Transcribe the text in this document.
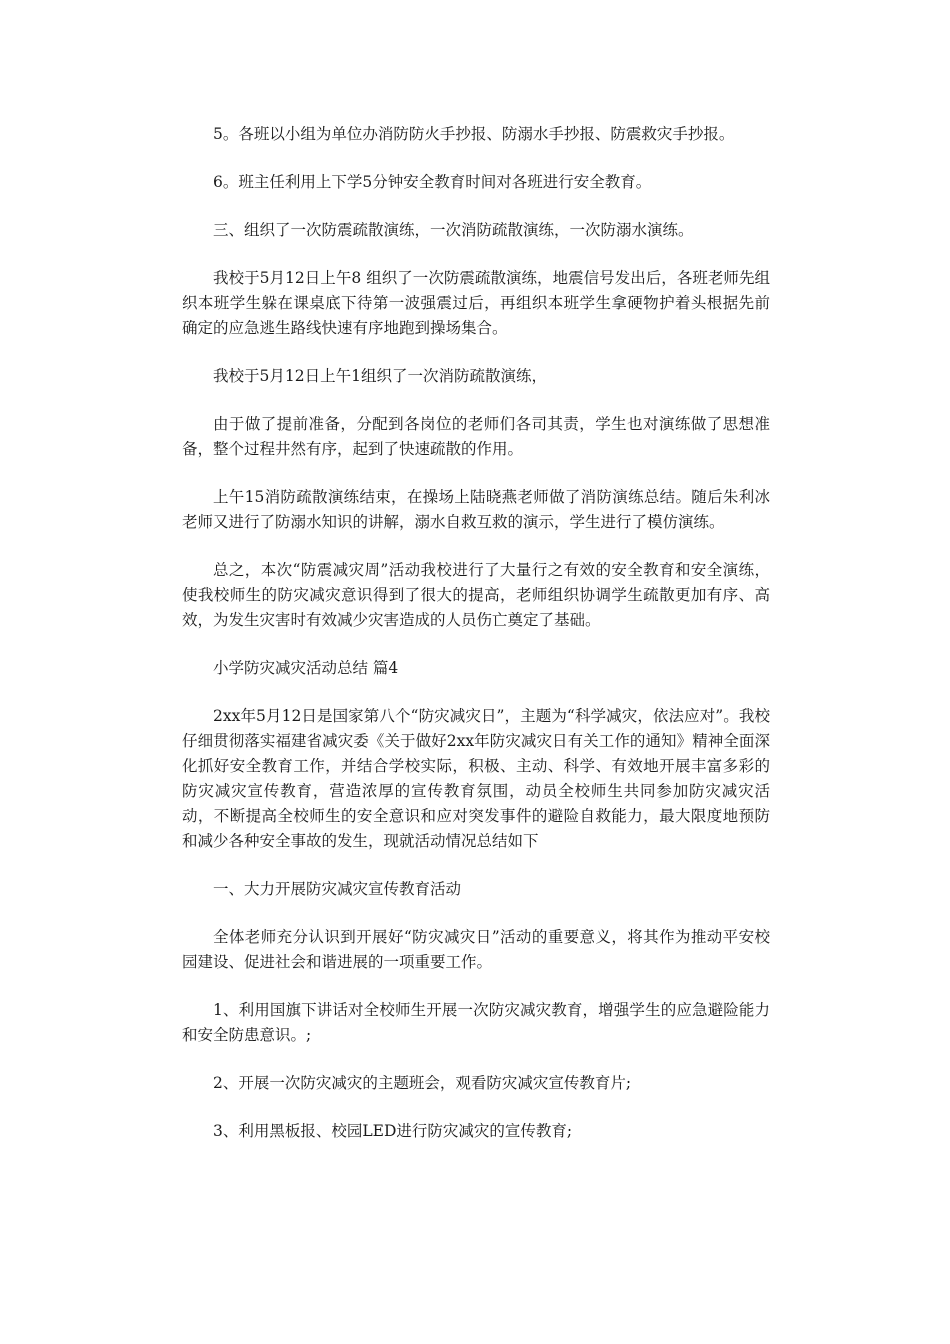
5。各班以小组为单位办消防防火手抄报、防溺水手抄报、防震救灾手抄报。

6。班主任利用上下学5分钟安全教育时间对各班进行安全教育。

三、组织了一次防震疏散演练，一次消防疏散演练，一次防溺水演练。

我校于5月12日上午8 组织了一次防震疏散演练，地震信号发出后，各班老师先组织本班学生躲在课桌底下待第一波强震过后，再组织本班学生拿硬物护着头根据先前确定的应急逃生路线快速有序地跑到操场集合。

我校于5月12日上午1组织了一次消防疏散演练，

由于做了提前准备，分配到各岗位的老师们各司其责，学生也对演练做了思想准备，整个过程井然有序，起到了快速疏散的作用。

上午15消防疏散演练结束，在操场上陆晓燕老师做了消防演练总结。随后朱利冰老师又进行了防溺水知识的讲解，溺水自救互救的演示，学生进行了模仿演练。

总之，本次“防震减灾周”活动我校进行了大量行之有效的安全教育和安全演练，使我校师生的防灾减灾意识得到了很大的提高，老师组织协调学生疏散更加有序、高效，为发生灾害时有效减少灾害造成的人员伤亡奠定了基础。

小学防灾减灾活动总结 篇4

2xx年5月12日是国家第八个“防灾减灾日”，主题为“科学减灾，依法应对”。我校仔细贯彻落实福建省减灾委《关于做好2xx年防灾减灾日有关工作的通知》精神全面深化抓好安全教育工作，并结合学校实际，积极、主动、科学、有效地开展丰富多彩的防灾减灾宣传教育，营造浓厚的宣传教育氛围，动员全校师生共同参加防灾减灾活动，不断提高全校师生的安全意识和应对突发事件的避险自救能力，最大限度地预防和减少各种安全事故的发生，现就活动情况总结如下

一、大力开展防灾减灾宣传教育活动

全体老师充分认识到开展好“防灾减灾日”活动的重要意义，将其作为推动平安校园建设、促进社会和谐进展的一项重要工作。

1、利用国旗下讲话对全校师生开展一次防灾减灾教育，增强学生的应急避险能力和安全防患意识。;

2、开展一次防灾减灾的主题班会，观看防灾减灾宣传教育片;

3、利用黑板报、校园LED进行防灾减灾的宣传教育;
